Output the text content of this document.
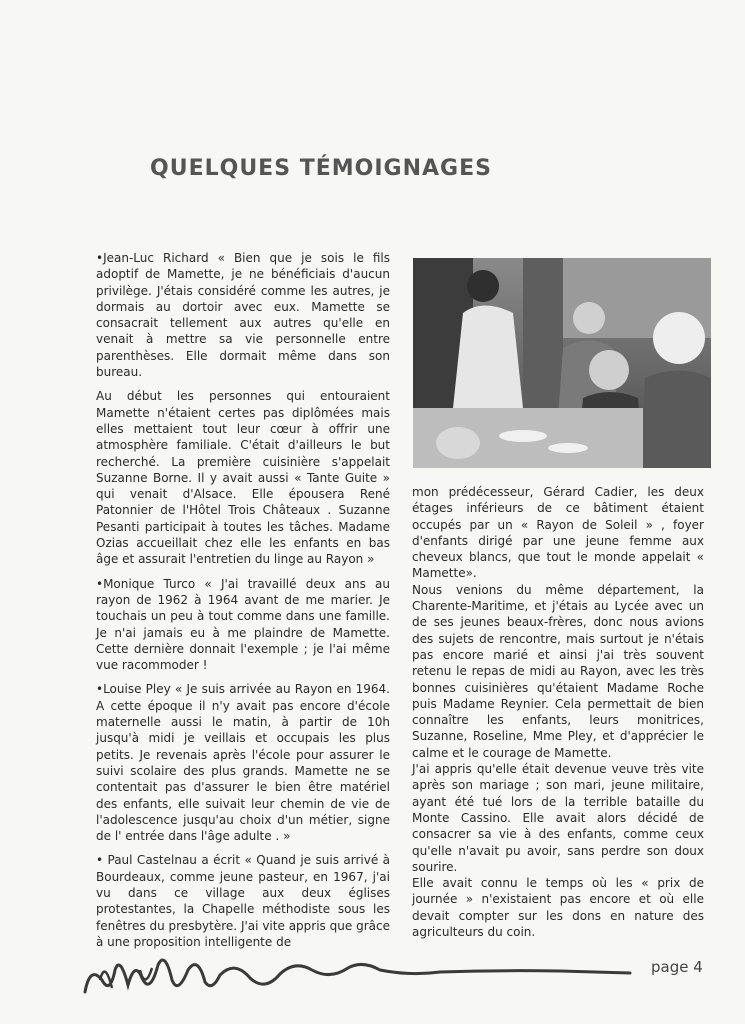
QUELQUES TÉMOIGNAGES

•Jean-Luc Richard « Bien que je sois le fils adoptif de Mamette, je ne bénéficiais d'aucun privilège. J'étais considéré comme les autres, je dormais au dortoir avec eux. Mamette se consacrait tellement aux autres qu'elle en venait à mettre sa vie personnelle entre parenthèses. Elle dormait même dans son bureau.

Au début les personnes qui entouraient Mamette n'étaient certes pas diplômées mais elles mettaient tout leur cœur à offrir une atmosphère familiale. C'était d'ailleurs le but recherché. La première cuisinière s'appelait Suzanne Borne. Il y avait aussi « Tante Guite » qui venait d'Alsace. Elle épousera René Patonnier de l'Hôtel Trois Châteaux . Suzanne Pesanti participait à toutes les tâches. Madame Ozias accueillait chez elle les enfants en bas âge et assurait l'entretien du linge au Rayon »

•Monique Turco « J'ai travaillé deux ans au rayon de 1962 à 1964 avant de me marier. Je touchais un peu à tout comme dans une famille. Je n'ai jamais eu à me plaindre de Mamette. Cette dernière donnait l'exemple ; je l'ai même vue racommoder !

•Louise Pley « Je suis arrivée au Rayon en 1964. A cette époque il n'y avait pas encore d'école maternelle aussi le matin, à partir de 10h jusqu'à midi je veillais et occupais les plus petits. Je revenais après l'école pour assurer le suivi scolaire des plus grands. Mamette ne se contentait pas d'assurer le bien être matériel des enfants, elle suivait leur chemin de vie de l'adolescence jusqu'au choix d'un métier, signe de l' entrée dans l'âge adulte . »

• Paul Castelnau a écrit « Quand je suis arrivé à Bourdeaux, comme jeune pasteur, en 1967, j'ai vu dans ce village aux deux églises protestantes, la Chapelle méthodiste sous les fenêtres du presbytère. J'ai vite appris que grâce à une proposition intelligente de

mon prédécesseur, Gérard Cadier, les deux étages inférieurs de ce bâtiment étaient occupés par un « Rayon de Soleil » , foyer d'enfants dirigé par une jeune femme aux cheveux blancs, que tout le monde appelait « Mamette».

Nous venions du même département, la Charente-Maritime, et j'étais au Lycée avec un de ses jeunes beaux-frères, donc nous avions des sujets de rencontre, mais surtout je n'étais pas encore marié et ainsi j'ai très souvent retenu le repas de midi au Rayon, avec les très bonnes cuisinières qu'étaient Madame Roche puis Madame Reynier. Cela permettait de bien connaître les enfants, leurs monitrices, Suzanne, Roseline, Mme Pley, et d'apprécier le calme et le courage de Mamette.

J'ai appris qu'elle était devenue veuve très vite après son mariage ; son mari, jeune militaire, ayant été tué lors de la terrible bataille du Monte Cassino. Elle avait alors décidé de consacrer sa vie à des enfants, comme ceux qu'elle n'avait pu avoir, sans perdre son doux sourire.

Elle avait connu le temps où les « prix de journée » n'existaient pas encore et où elle devait compter sur les dons en nature des agriculteurs du coin.

page 4
